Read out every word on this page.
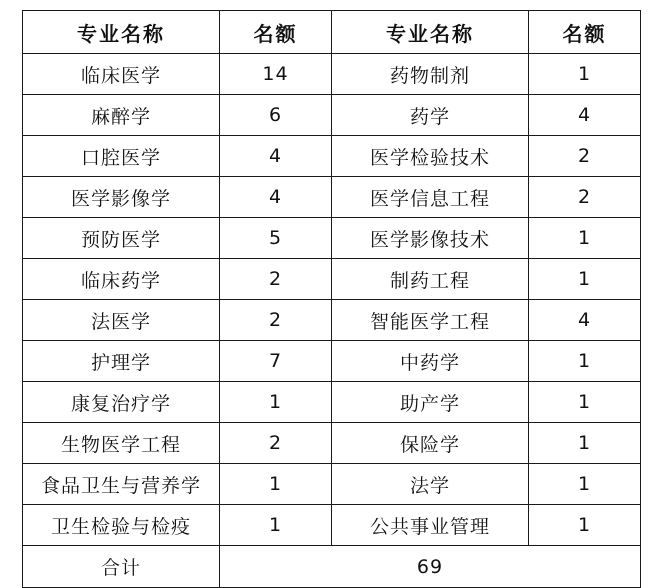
专业名称	名额	专业名称	名额
临床医学	14	药物制剂	1
麻醉学	6	药学	4
口腔医学	4	医学检验技术	2
医学影像学	4	医学信息工程	2
预防医学	5	医学影像技术	1
临床药学	2	制药工程	1
法医学	2	智能医学工程	4
护理学	7	中药学	1
康复治疗学	1	助产学	1
生物医学工程	2	保险学	1
食品卫生与营养学	1	法学	1
卫生检验与检疫	1	公共事业管理	1
合计	69		
